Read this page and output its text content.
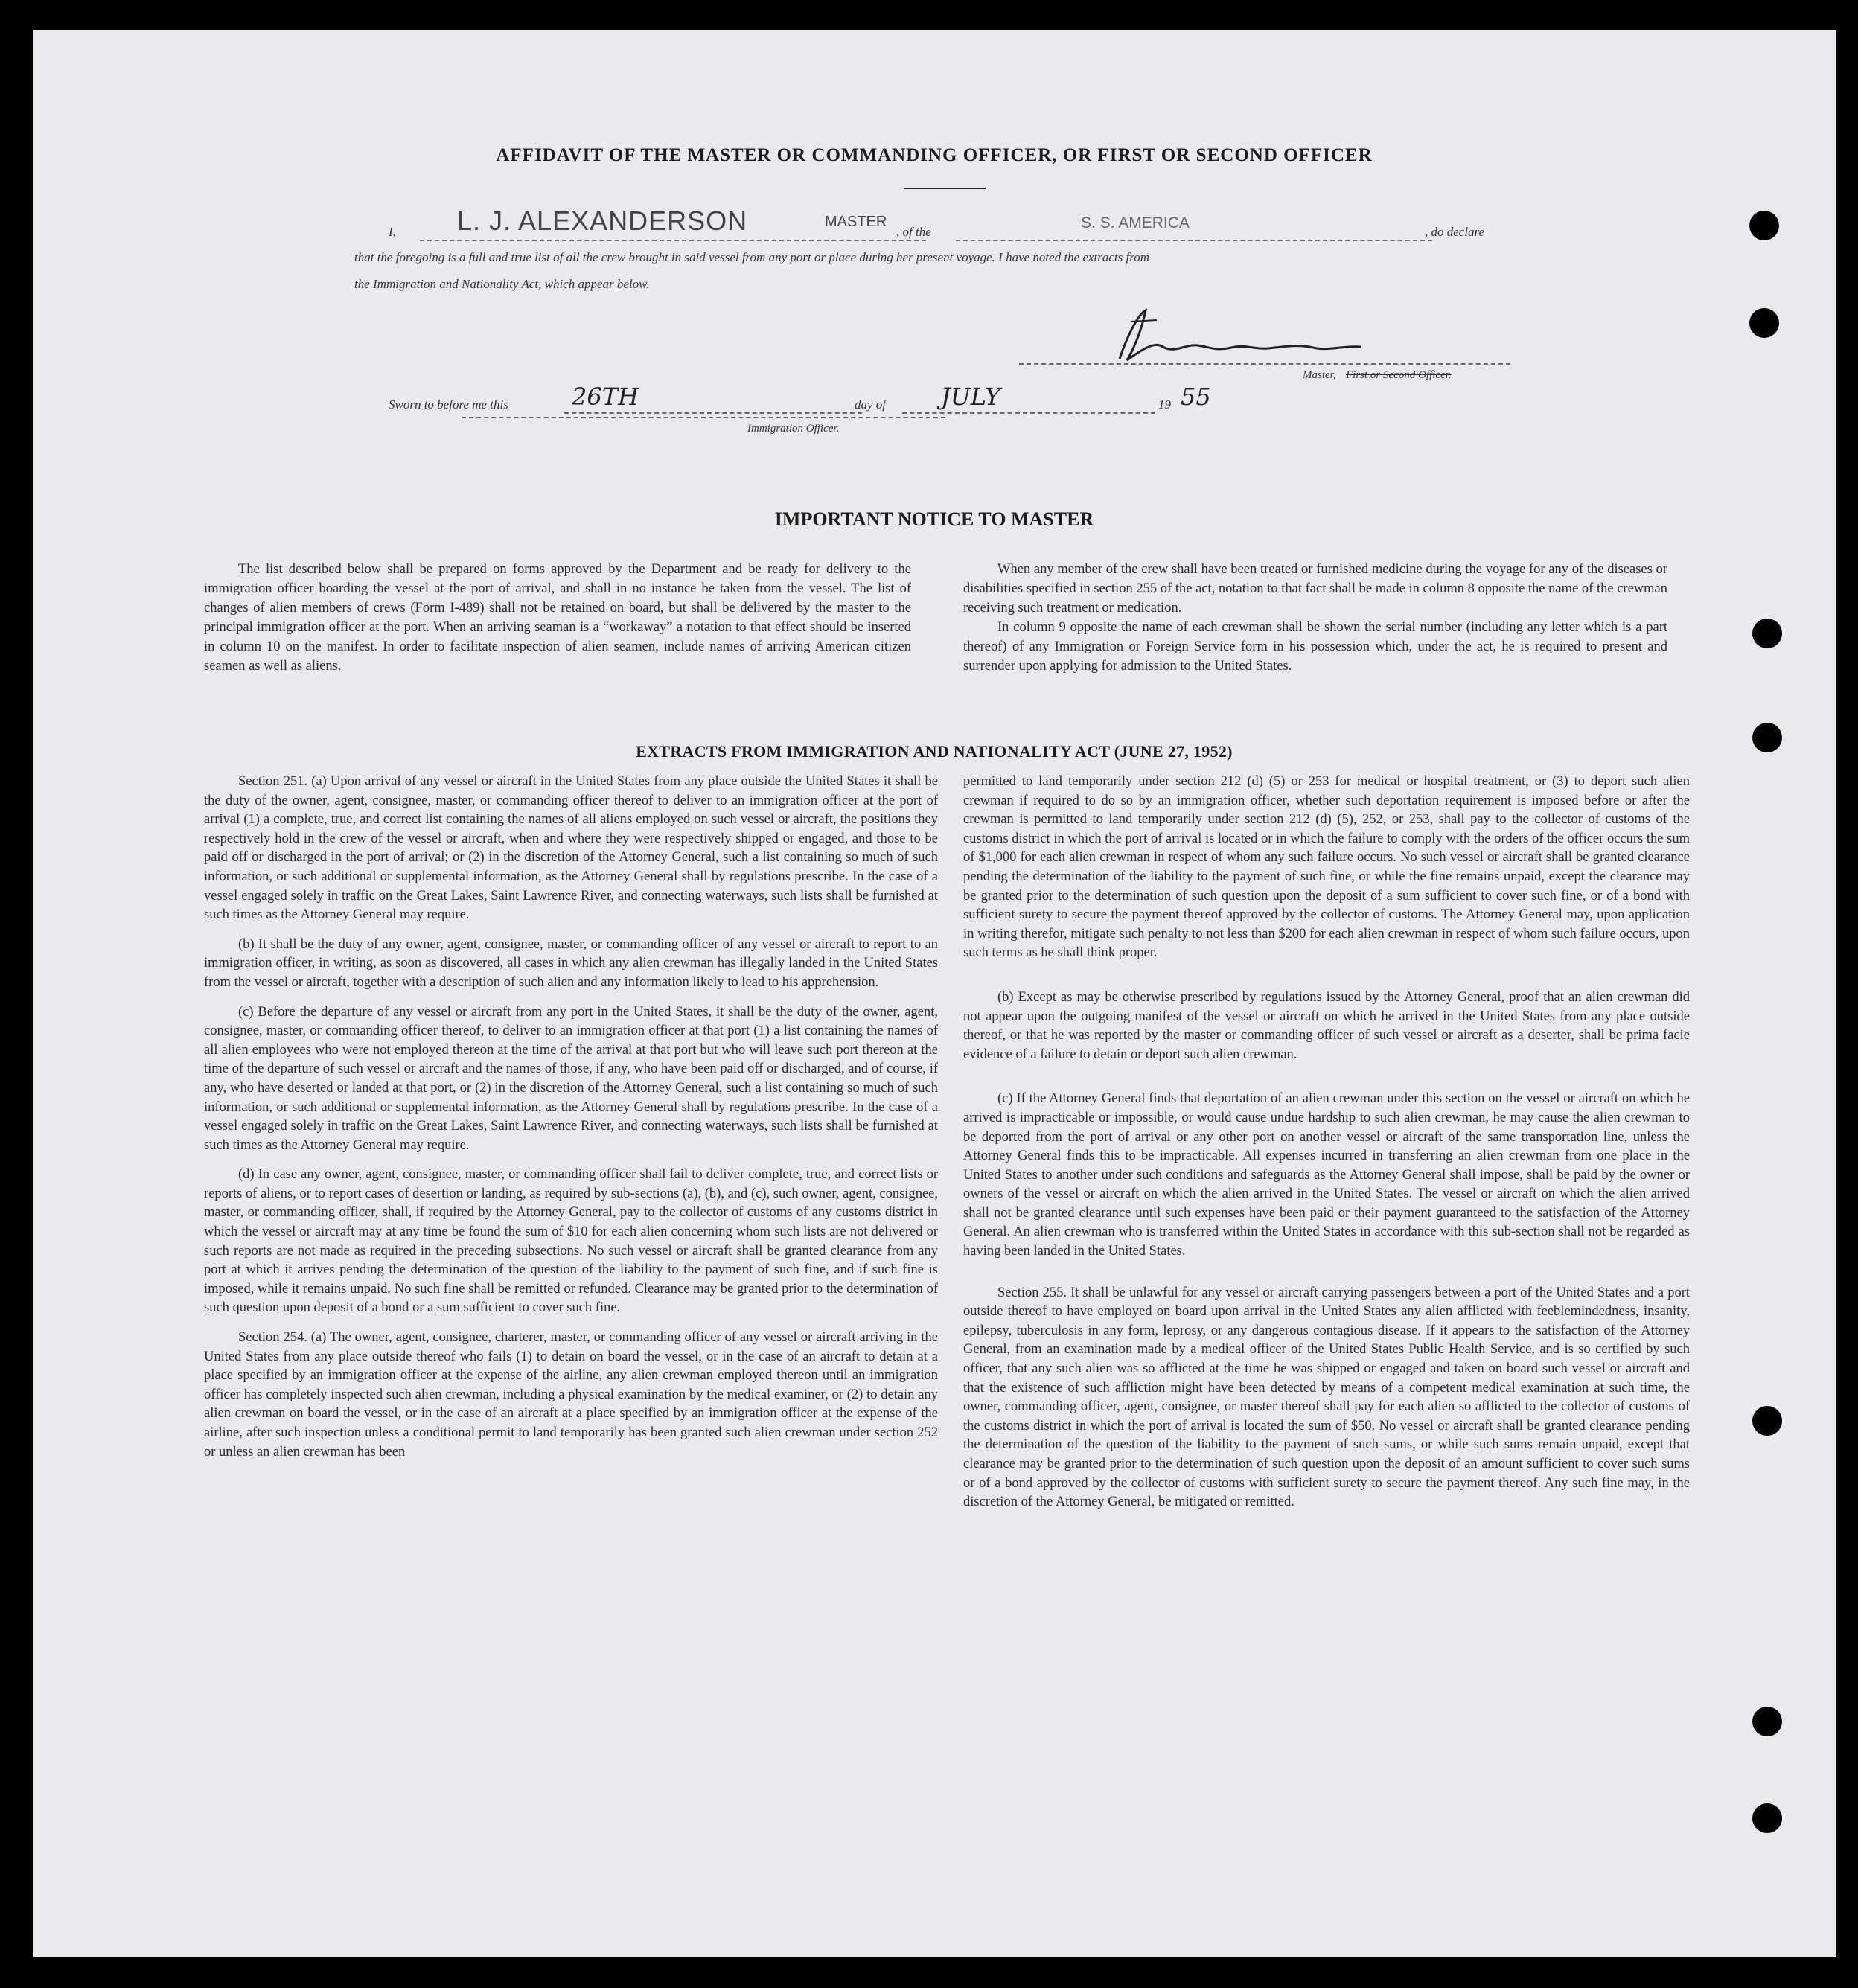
AFFIDAVIT OF THE MASTER OR COMMANDING OFFICER, OR FIRST OR SECOND OFFICER
I, L. J. ALEXANDERSON	MASTER
, of the
S. S. AMERICA
, do declare
that the foregoing is a full and true list of all the crew brought in said vessel from any port or place during her present voyage. I have noted the extracts from
the Immigration and Nationality Act, which appear below.
Master, First or Second Officer.
Sworn to before me this	26TH	day of JULY	19 55
Immigration Officer.
IMPORTANT NOTICE TO MASTER

The list described below shall be prepared on forms approved by the Department and be ready for delivery to the immigration officer boarding the vessel at the port of arrival, and shall in no instance be taken from the vessel. The list of changes of alien members of crews (Form I-489) shall not be retained on board, but shall be delivered by the master to the principal immigration officer at the port. When an arriving seaman is a “workaway” a notation to that effect should be inserted in column 10 on the manifest. In order to facilitate inspection of alien seamen, include names of arriving American citizen seamen as well as aliens.

When any member of the crew shall have been treated or furnished medicine during the voyage for any of the diseases or disabilities specified in section 255 of the act, notation to that fact shall be made in column 8 opposite the name of the crewman receiving such treatment or medication.

In column 9 opposite the name of each crewman shall be shown the serial number (including any letter which is a part thereof) of any Immigration or Foreign Service form in his possession which, under the act, he is required to present and surrender upon applying for admission to the United States.

EXTRACTS FROM IMMIGRATION AND NATIONALITY ACT (JUNE 27, 1952)

Section 251. (a) Upon arrival of any vessel or aircraft in the United States from any place outside the United States it shall be the duty of the owner, agent, consignee, master, or commanding officer thereof to deliver to an immigration officer at the port of arrival (1) a complete, true, and correct list containing the names of all aliens employed on such vessel or aircraft, the positions they respectively hold in the crew of the vessel or aircraft, when and where they were respectively shipped or engaged, and those to be paid off or discharged in the port of arrival; or (2) in the discretion of the Attorney General, such a list containing so much of such information, or such additional or supplemental information, as the Attorney General shall by regulations prescribe. In the case of a vessel engaged solely in traffic on the Great Lakes, Saint Lawrence River, and connecting waterways, such lists shall be furnished at such times as the Attorney General may require.

(b) It shall be the duty of any owner, agent, consignee, master, or commanding officer of any vessel or aircraft to report to an immigration officer, in writing, as soon as discovered, all cases in which any alien crewman has illegally landed in the United States from the vessel or aircraft, together with a description of such alien and any information likely to lead to his apprehension.

(c) Before the departure of any vessel or aircraft from any port in the United States, it shall be the duty of the owner, agent, consignee, master, or commanding officer thereof, to deliver to an immigration officer at that port (1) a list containing the names of all alien employees who were not employed thereon at the time of the arrival at that port but who will leave such port thereon at the time of the departure of such vessel or aircraft and the names of those, if any, who have been paid off or discharged, and of course, if any, who have deserted or landed at that port, or (2) in the discretion of the Attorney General, such a list containing so much of such information, or such additional or supplemental information, as the Attorney General shall by regulations prescribe. In the case of a vessel engaged solely in traffic on the Great Lakes, Saint Lawrence River, and connecting waterways, such lists shall be furnished at such times as the Attorney General may require.

(d) In case any owner, agent, consignee, master, or commanding officer shall fail to deliver complete, true, and correct lists or reports of aliens, or to report cases of desertion or landing, as required by sub-sections (a), (b), and (c), such owner, agent, consignee, master, or commanding officer, shall, if required by the Attorney General, pay to the collector of customs of any customs district in which the vessel or aircraft may at any time be found the sum of $10 for each alien concerning whom such lists are not delivered or such reports are not made as required in the preceding subsections. No such vessel or aircraft shall be granted clearance from any port at which it arrives pending the determination of the question of the liability to the payment of such fine, and if such fine is imposed, while it remains unpaid. No such fine shall be remitted or refunded. Clearance may be granted prior to the determination of such question upon deposit of a bond or a sum sufficient to cover such fine.

Section 254. (a) The owner, agent, consignee, charterer, master, or commanding officer of any vessel or aircraft arriving in the United States from any place outside thereof who fails (1) to detain on board the vessel, or in the case of an aircraft to detain at a place specified by an immigration officer at the expense of the airline, any alien crewman employed thereon until an immigration officer has completely inspected such alien crewman, including a physical examination by the medical examiner, or (2) to detain any alien crewman on board the vessel, or in the case of an aircraft at a place specified by an immigration officer at the expense of the airline, after such inspection unless a conditional permit to land temporarily has been granted such alien crewman under section 252 or unless an alien crewman has been

permitted to land temporarily under section 212 (d) (5) or 253 for medical or hospital treatment, or (3) to deport such alien crewman if required to do so by an immigration officer, whether such deportation requirement is imposed before or after the crewman is permitted to land temporarily under section 212 (d) (5), 252, or 253, shall pay to the collector of customs of the customs district in which the port of arrival is located or in which the failure to comply with the orders of the officer occurs the sum of $1,000 for each alien crewman in respect of whom any such failure occurs. No such vessel or aircraft shall be granted clearance pending the determination of the liability to the payment of such fine, or while the fine remains unpaid, except the clearance may be granted prior to the determination of such question upon the deposit of a sum sufficient to cover such fine, or of a bond with sufficient surety to secure the payment thereof approved by the collector of customs. The Attorney General may, upon application in writing therefor, mitigate such penalty to not less than $200 for each alien crewman in respect of whom such failure occurs, upon such terms as he shall think proper.

(b) Except as may be otherwise prescribed by regulations issued by the Attorney General, proof that an alien crewman did not appear upon the outgoing manifest of the vessel or aircraft on which he arrived in the United States from any place outside thereof, or that he was reported by the master or commanding officer of such vessel or aircraft as a deserter, shall be prima facie evidence of a failure to detain or deport such alien crewman.

(c) If the Attorney General finds that deportation of an alien crewman under this section on the vessel or aircraft on which he arrived is impracticable or impossible, or would cause undue hardship to such alien crewman, he may cause the alien crewman to be deported from the port of arrival or any other port on another vessel or aircraft of the same transportation line, unless the Attorney General finds this to be impracticable. All expenses incurred in transferring an alien crewman from one place in the United States to another under such conditions and safeguards as the Attorney General shall impose, shall be paid by the owner or owners of the vessel or aircraft on which the alien arrived in the United States. The vessel or aircraft on which the alien arrived shall not be granted clearance until such expenses have been paid or their payment guaranteed to the satisfaction of the Attorney General. An alien crewman who is transferred within the United States in accordance with this sub-section shall not be regarded as having been landed in the United States.

Section 255. It shall be unlawful for any vessel or aircraft carrying passengers between a port of the United States and a port outside thereof to have employed on board upon arrival in the United States any alien afflicted with feeblemindedness, insanity, epilepsy, tuberculosis in any form, leprosy, or any dangerous contagious disease. If it appears to the satisfaction of the Attorney General, from an examination made by a medical officer of the United States Public Health Service, and is so certified by such officer, that any such alien was so afflicted at the time he was shipped or engaged and taken on board such vessel or aircraft and that the existence of such affliction might have been detected by means of a competent medical examination at such time, the owner, commanding officer, agent, consignee, or master thereof shall pay for each alien so afflicted to the collector of customs of the customs district in which the port of arrival is located the sum of $50. No vessel or aircraft shall be granted clearance pending the determination of the question of the liability to the payment of such sums, or while such sums remain unpaid, except that clearance may be granted prior to the determination of such question upon the deposit of an amount sufficient to cover such sums or of a bond approved by the collector of customs with sufficient surety to secure the payment thereof. Any such fine may, in the discretion of the Attorney General, be mitigated or remitted.
